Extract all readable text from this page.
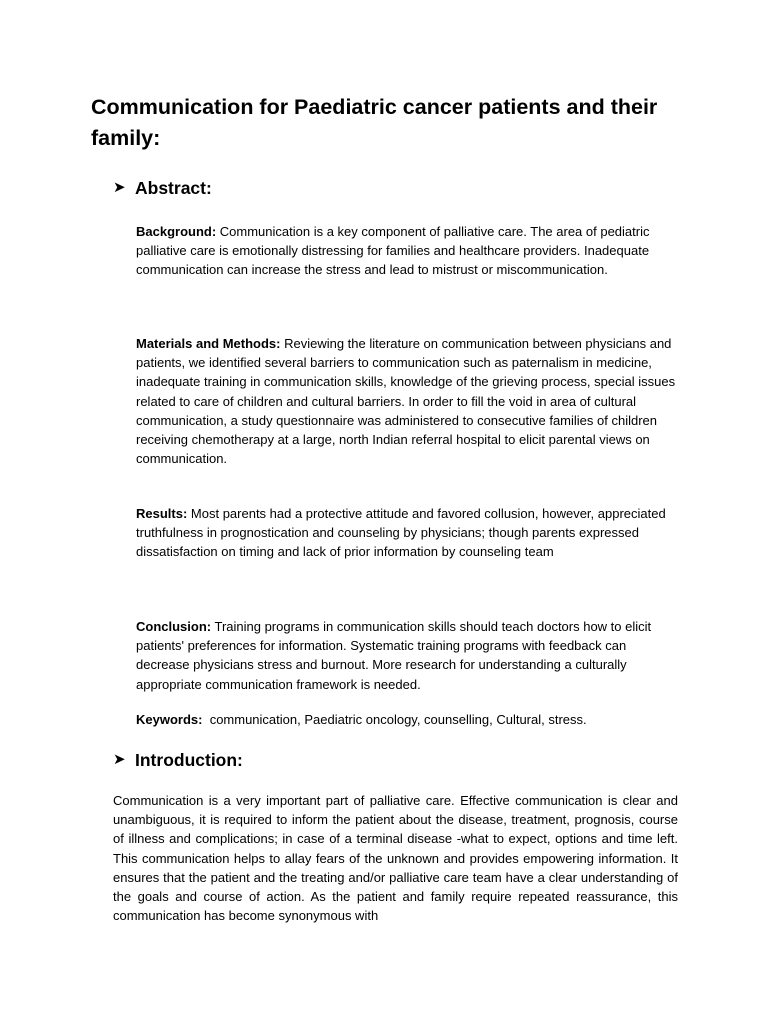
Communication for Paediatric cancer patients and their family:
➤ Abstract:

Background: Communication is a key component of palliative care. The area of pediatric palliative care is emotionally distressing for families and healthcare providers. Inadequate communication can increase the stress and lead to mistrust or miscommunication.

Materials and Methods: Reviewing the literature on communication between physicians and patients, we identified several barriers to communication such as paternalism in medicine, inadequate training in communication skills, knowledge of the grieving process, special issues related to care of children and cultural barriers. In order to fill the void in area of cultural communication, a study questionnaire was administered to consecutive families of children receiving chemotherapy at a large, north Indian referral hospital to elicit parental views on communication.

Results: Most parents had a protective attitude and favored collusion, however, appreciated truthfulness in prognostication and counseling by physicians; though parents expressed dissatisfaction on timing and lack of prior information by counseling team

Conclusion: Training programs in communication skills should teach doctors how to elicit patients' preferences for information. Systematic training programs with feedback can decrease physicians stress and burnout. More research for understanding a culturally appropriate communication framework is needed.

Keywords:  communication, Paediatric oncology, counselling, Cultural, stress.

➤ Introduction:

Communication is a very important part of palliative care. Effective communication is clear and unambiguous, it is required to inform the patient about the disease, treatment, prognosis, course of illness and complications; in case of a terminal disease -what to expect, options and time left. This communication helps to allay fears of the unknown and provides empowering information. It ensures that the patient and the treating and/or palliative care team have a clear understanding of the goals and course of action. As the patient and family require repeated reassurance, this communication has become synonymous with
